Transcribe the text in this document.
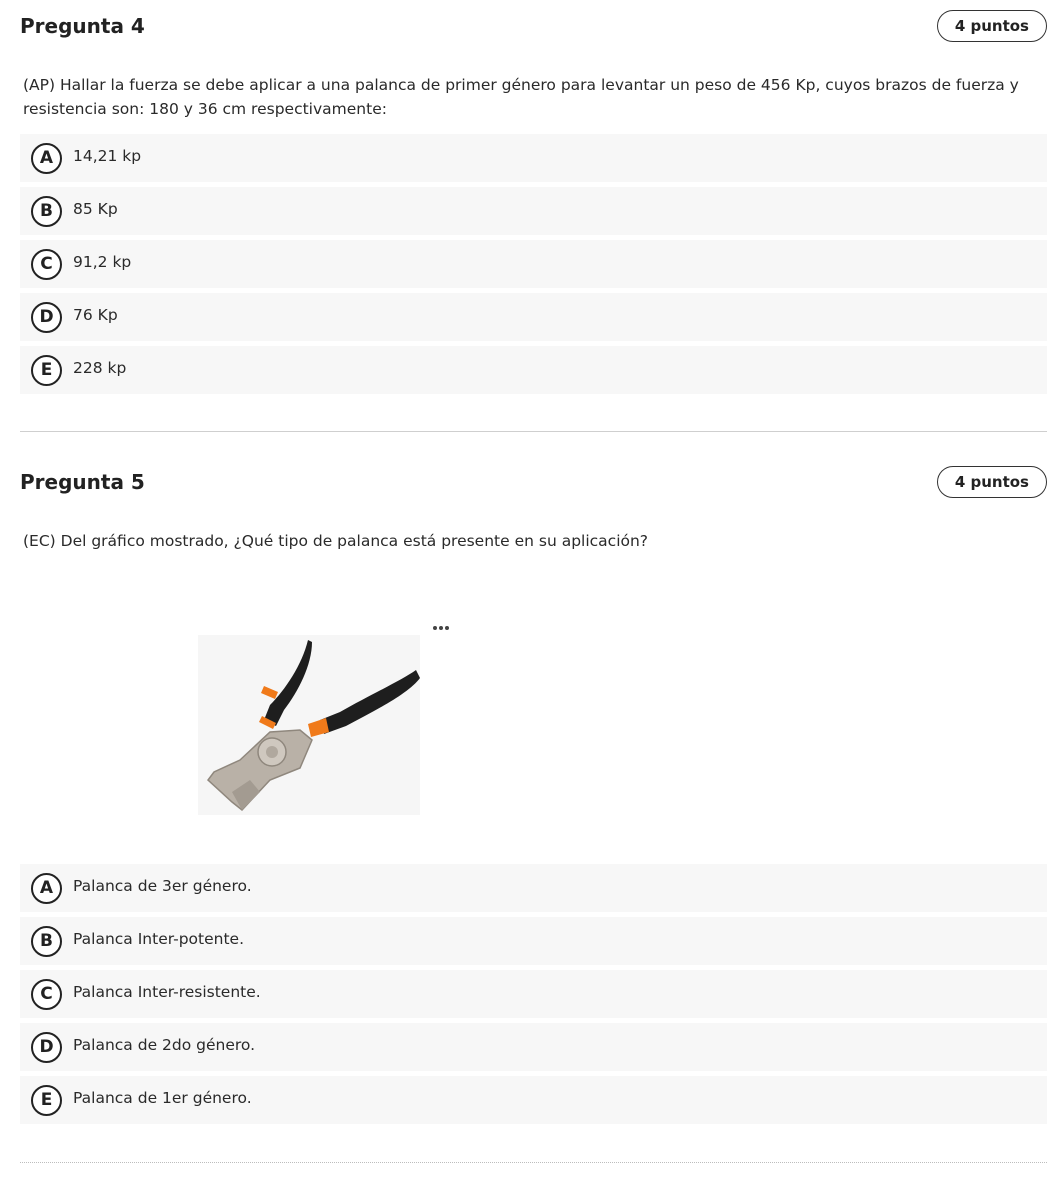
Pregunta 4	4 puntos
(AP) Hallar la fuerza se debe aplicar a una palanca de primer género para levantar un peso de 456 Kp, cuyos brazos de fuerza y resistencia son: 180 y 36 cm respectivamente:
A	14,21 kp
B	85 Kp
C	91,2 kp
D	76 Kp
E	228 kp
Pregunta 5	4 puntos
(EC) Del gráfico mostrado, ¿Qué tipo de palanca está presente en su aplicación?
A	Palanca de 3er género.
B	Palanca Inter-potente.
C	Palanca Inter-resistente.
D	Palanca de 2do género.
E	Palanca de 1er género.
